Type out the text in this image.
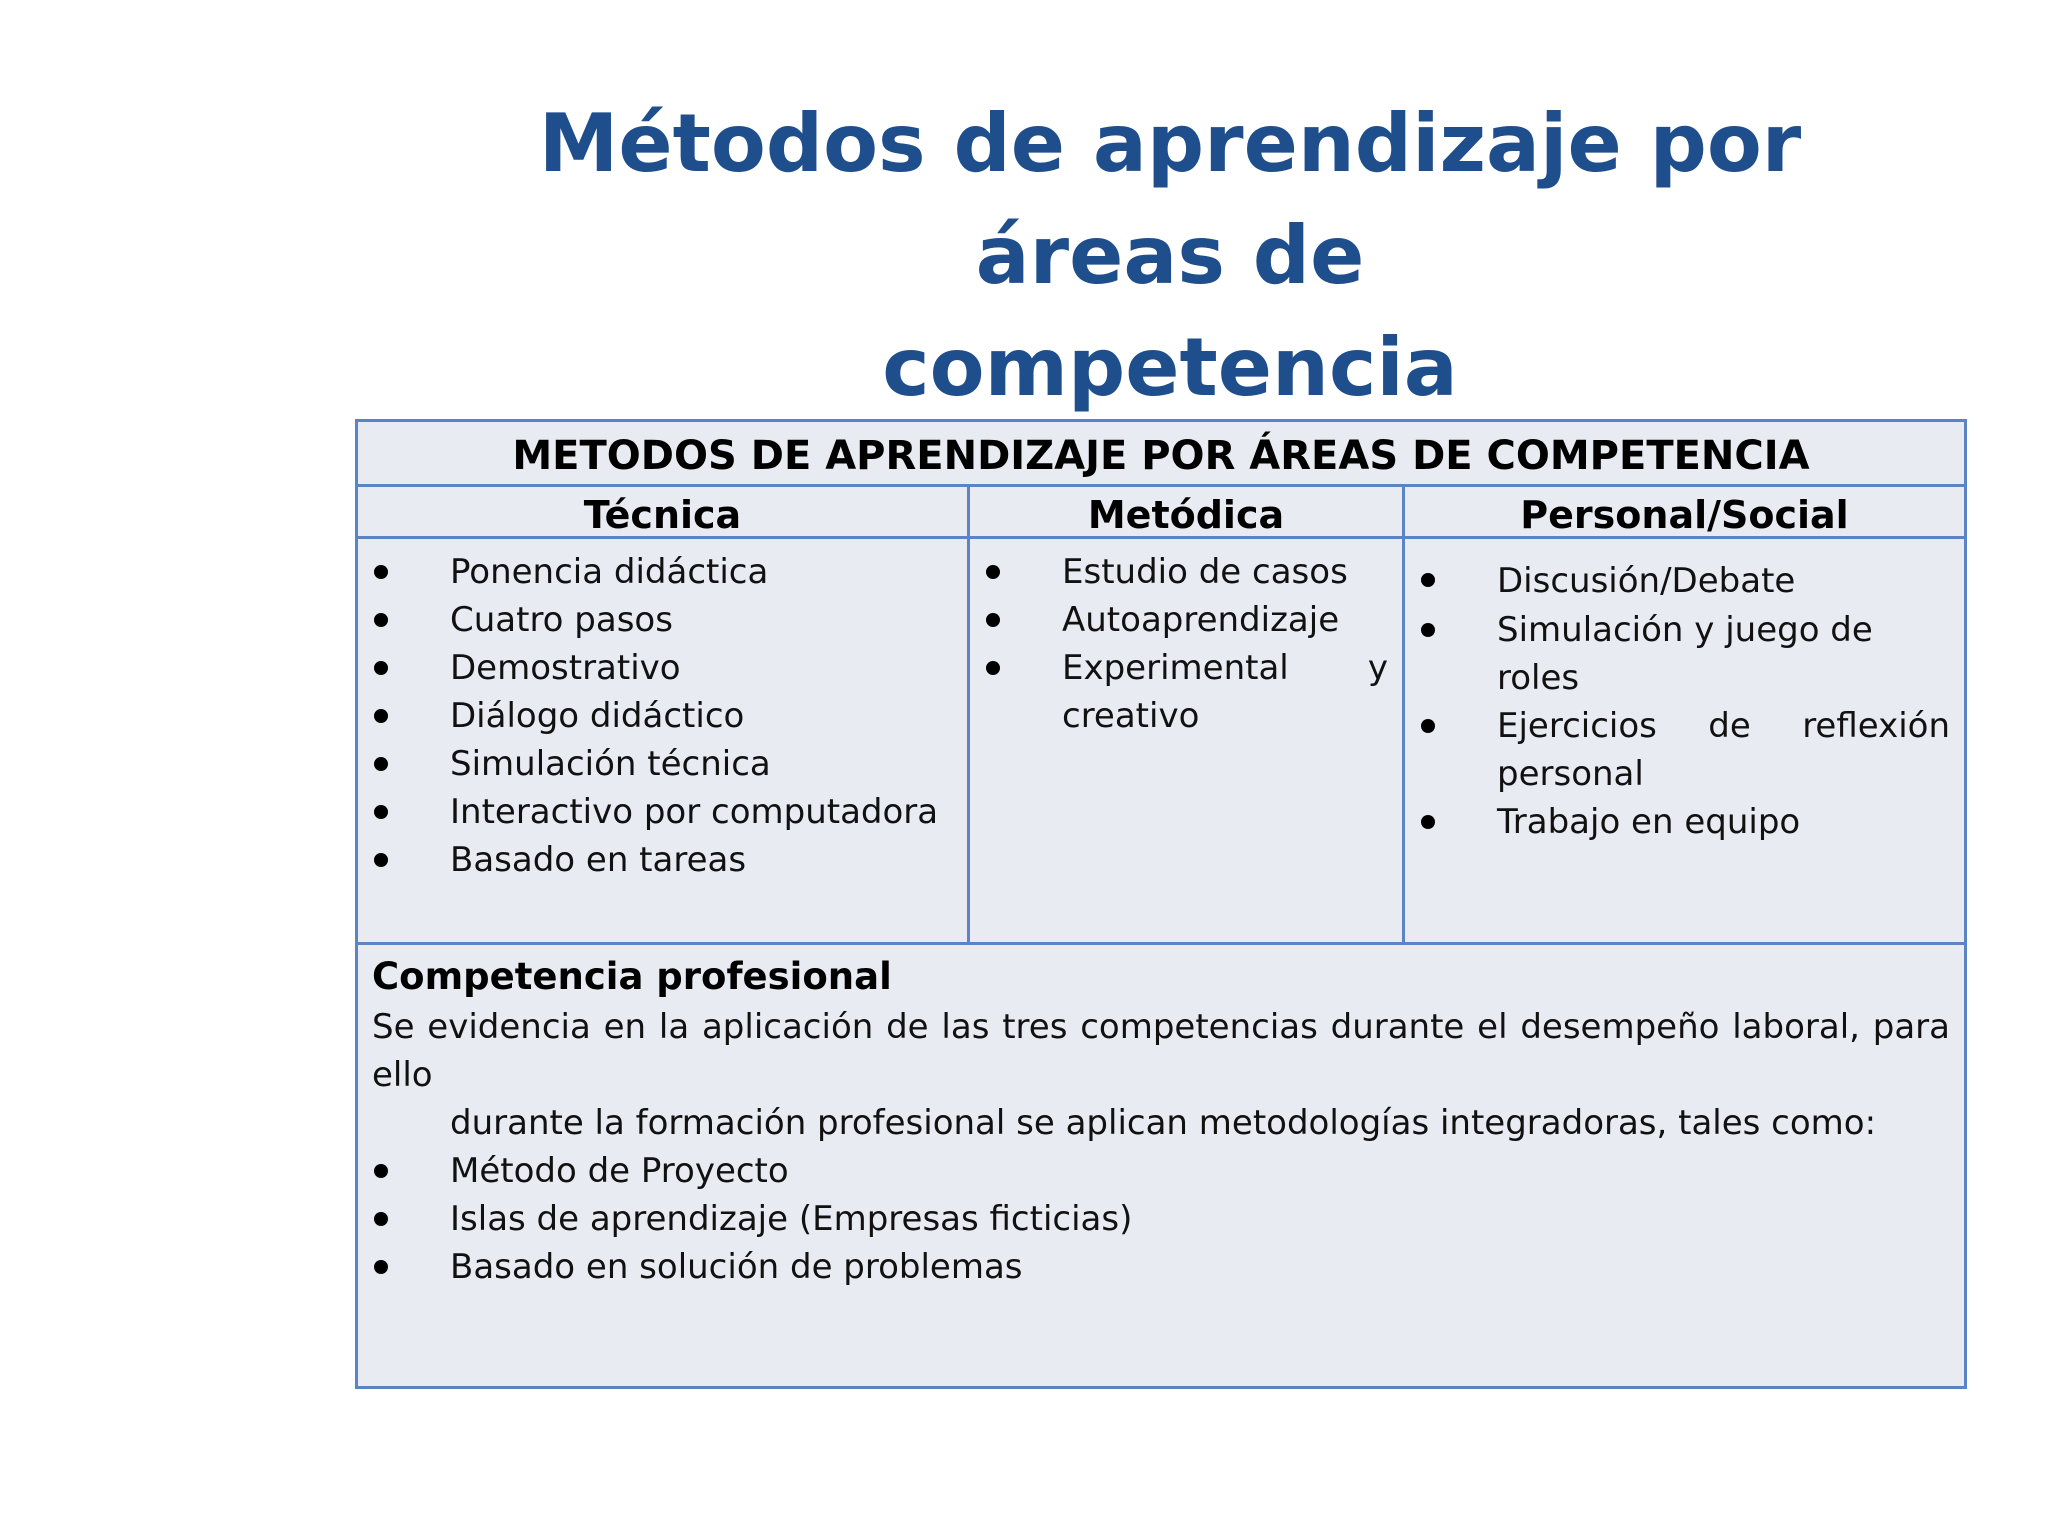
Métodos de aprendizaje por áreas de
competencia
METODOS DE APRENDIZAJE POR ÁREAS DE COMPETENCIA
Técnica	Metódica	Personal/Social
Ponencia didáctica
Cuatro pasos
Demostrativo
Diálogo didáctico
Simulación técnica
Interactivo por computadora
Basado en tareas
Estudio de casos
Autoaprendizaje
Experimental y
creativo
Discusión/Debate
Simulación y juego de roles
Ejercicios de reflexión
personal
Trabajo en equipo
Competencia profesional
Se evidencia en la aplicación de las tres competencias durante el desempeño laboral, para ello
durante la formación profesional se aplican metodologías integradoras, tales como:
Método de Proyecto
Islas de aprendizaje (Empresas ficticias)
Basado en solución de problemas
